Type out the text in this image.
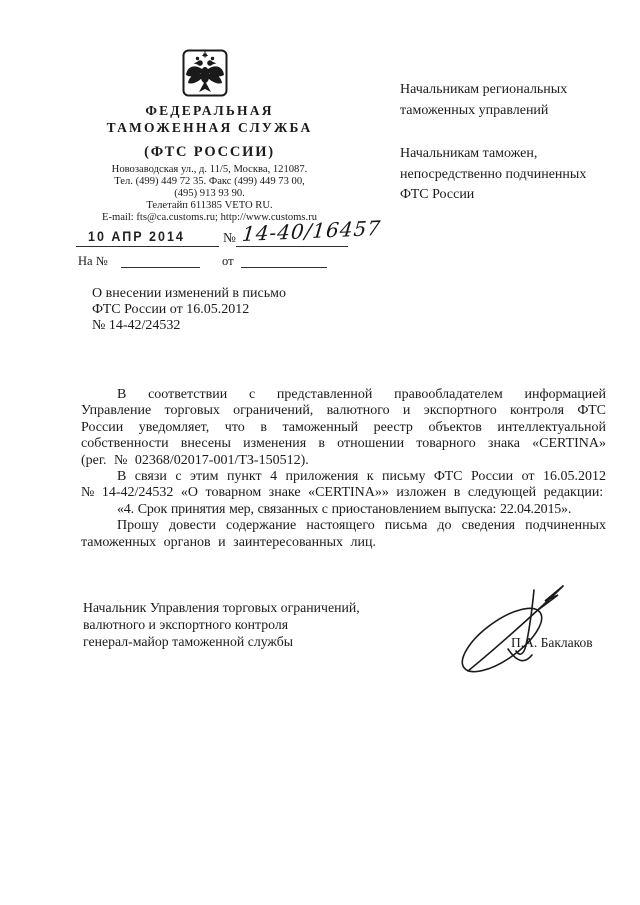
ФЕДЕРАЛЬНАЯ
ТАМОЖЕННАЯ СЛУЖБА
(ФТС РОССИИ)
Новозаводская ул., д. 11/5, Москва, 121087.
Тел. (499) 449 72 35. Факс (499) 449 73 00,
(495) 913 93 90.
Телетайп 611385 VETO RU.
E-mail: fts@ca.customs.ru; http://www.customs.ru
Начальникам региональных
таможенных управлений
Начальникам таможен,
непосредственно подчиненных
ФТС России
10 АПР 2014	№ 14-40/16457
На №	от
О внесении изменений в письмо
ФТС России от 16.05.2012
№ 14-42/24532

В соответствии с представленной правообладателем информацией Управление торговых ограничений, валютного и экспортного контроля ФТС России уведомляет, что в таможенный реестр объектов интеллектуальной собственности внесены изменения в отношении товарного знака «CERTINA» (рег. № 02368/02017-001/ТЗ-150512).

В связи с этим пункт 4 приложения к письму ФТС России от 16.05.2012 № 14-42/24532 «О товарном знаке «CERTINA»» изложен в следующей редакции:

«4. Срок принятия мер, связанных с приостановлением выпуска: 22.04.2015».

Прошу довести содержание настоящего письма до сведения подчиненных таможенных органов и заинтересованных лиц.

Начальник Управления торговых ограничений,
валютного и экспортного контроля
генерал-майор таможенной службы	П.А. Баклаков
